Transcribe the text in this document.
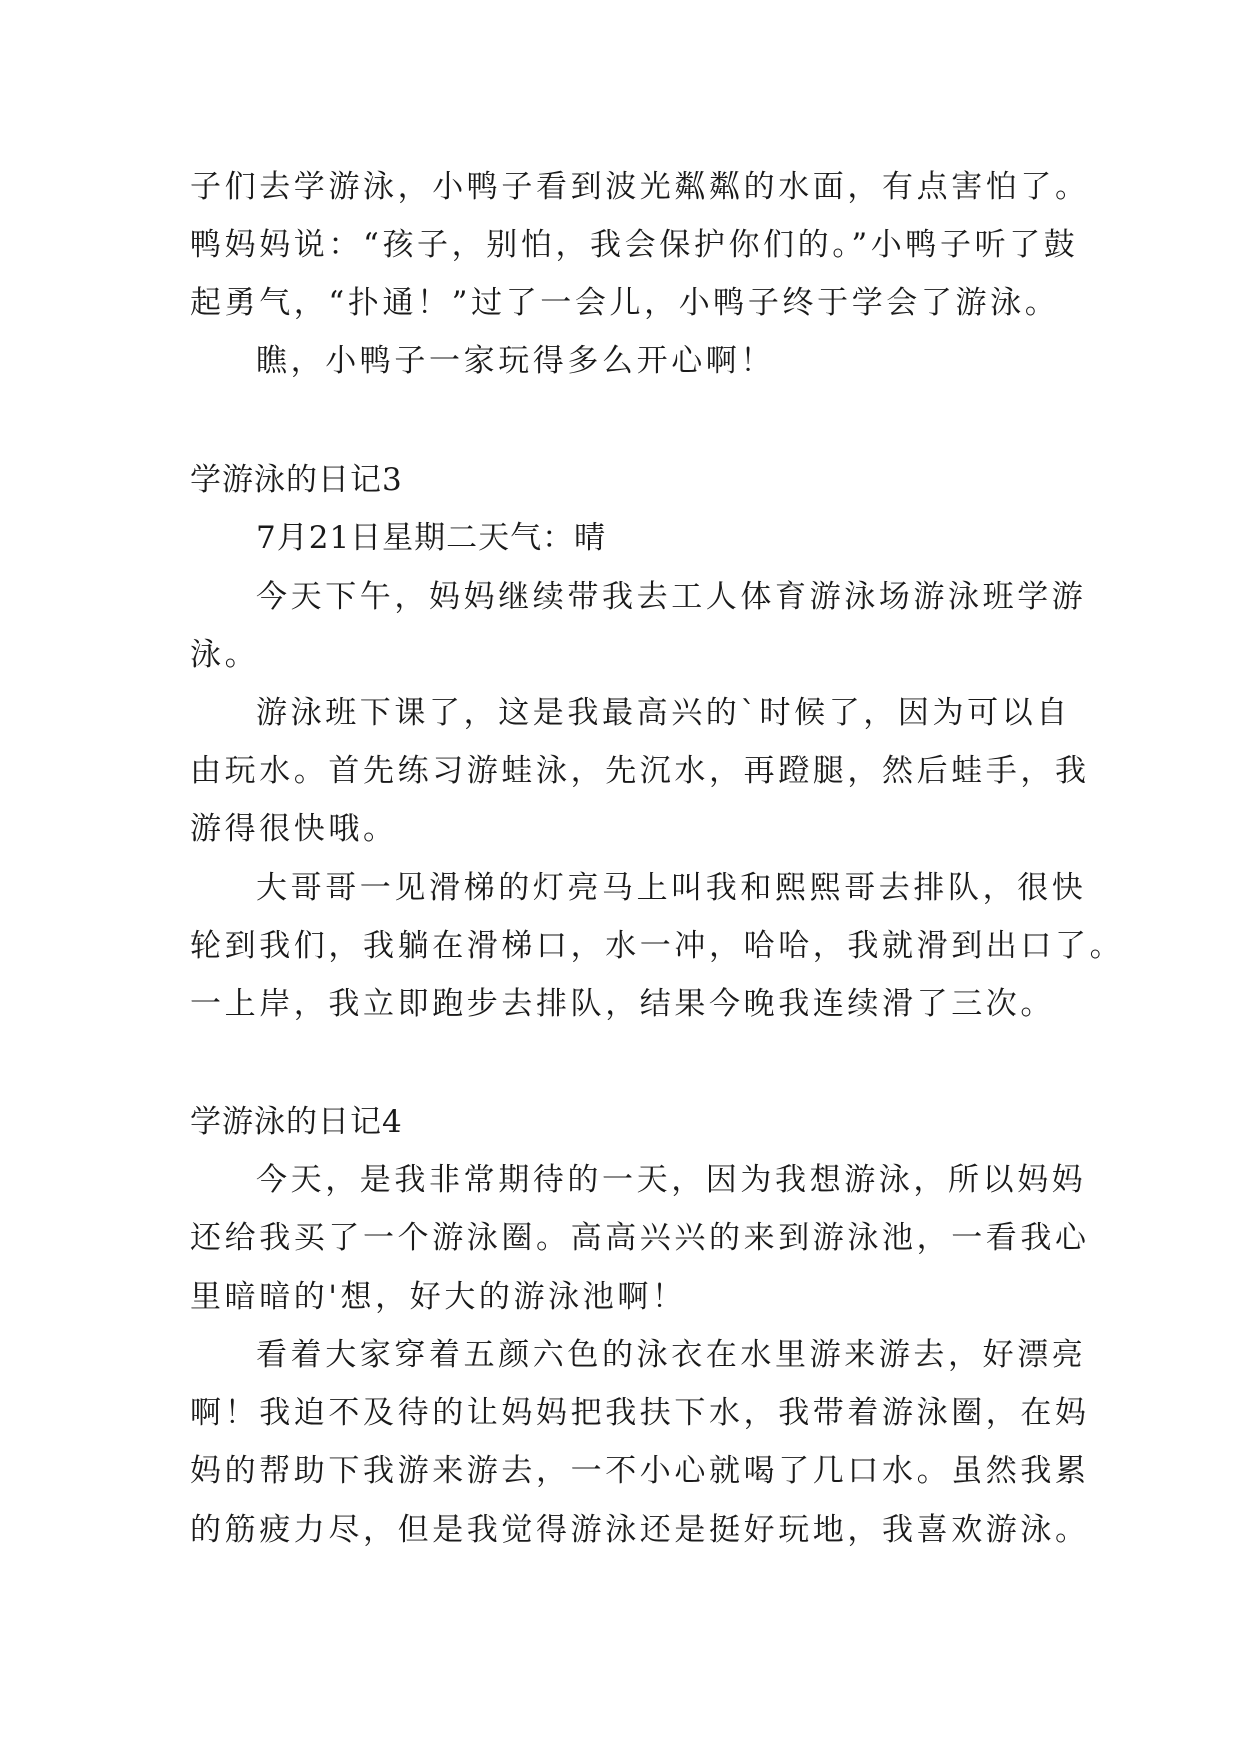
子们去学游泳，小鸭子看到波光粼粼的水面，有点害怕了。
鸭妈妈说：“孩子，别怕，我会保护你们的。”小鸭子听了鼓
起勇气，“扑通！”过了一会儿，小鸭子终于学会了游泳。
瞧，小鸭子一家玩得多么开心啊！
学游泳的日记3
7月21日星期二天气：晴
今天下午，妈妈继续带我去工人体育游泳场游泳班学游
泳。
游泳班下课了，这是我最高兴的`时候了，因为可以自
由玩水。首先练习游蛙泳，先沉水，再蹬腿，然后蛙手，我
游得很快哦。
大哥哥一见滑梯的灯亮马上叫我和熙熙哥去排队，很快
轮到我们，我躺在滑梯口，水一冲，哈哈，我就滑到出口了。
一上岸，我立即跑步去排队，结果今晚我连续滑了三次。
学游泳的日记4
今天，是我非常期待的一天，因为我想游泳，所以妈妈
还给我买了一个游泳圈。高高兴兴的来到游泳池，一看我心
里暗暗的'想，好大的游泳池啊！
看着大家穿着五颜六色的泳衣在水里游来游去，好漂亮
啊！我迫不及待的让妈妈把我扶下水，我带着游泳圈，在妈
妈的帮助下我游来游去，一不小心就喝了几口水。虽然我累
的筋疲力尽，但是我觉得游泳还是挺好玩地，我喜欢游泳。
